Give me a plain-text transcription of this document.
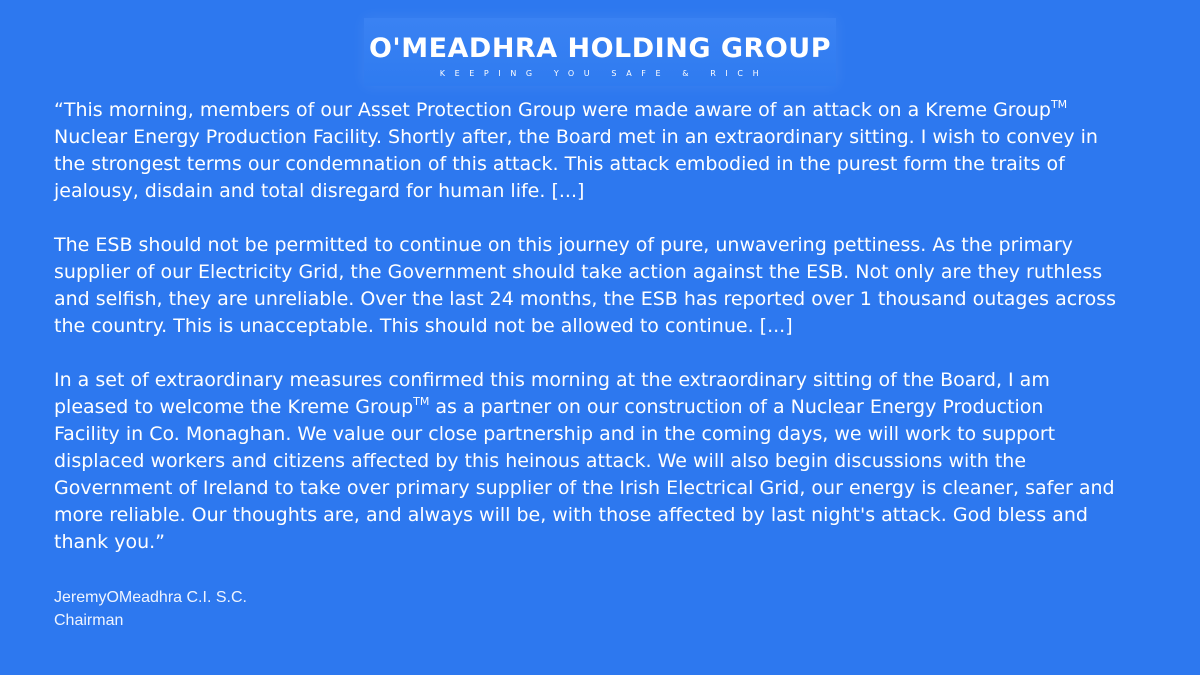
O'MEADHRA HOLDING GROUP
KEEPING YOU SAFE & RICH
“This morning, members of our Asset Protection Group were made aware of an attack on a Kreme Group™
Nuclear Energy Production Facility. Shortly after, the Board met in an extraordinary sitting. I wish to convey in
the strongest terms our condemnation of this attack. This attack embodied in the purest form the traits of
jealousy, disdain and total disregard for human life. [...]
The ESB should not be permitted to continue on this journey of pure, unwavering pettiness. As the primary
supplier of our Electricity Grid, the Government should take action against the ESB. Not only are they ruthless
and selfish, they are unreliable. Over the last 24 months, the ESB has reported over 1 thousand outages across
the country. This is unacceptable. This should not be allowed to continue. [...]
In a set of extraordinary measures confirmed this morning at the extraordinary sitting of the Board, I am
pleased to welcome the Kreme Group™ as a partner on our construction of a Nuclear Energy Production
Facility in Co. Monaghan. We value our close partnership and in the coming days, we will work to support
displaced workers and citizens affected by this heinous attack. We will also begin discussions with the
Government of Ireland to take over primary supplier of the Irish Electrical Grid, our energy is cleaner, safer and
more reliable. Our thoughts are, and always will be, with those affected by last night's attack. God bless and
thank you.”
JeremyOMeadhra C.I. S.C.
Chairman
